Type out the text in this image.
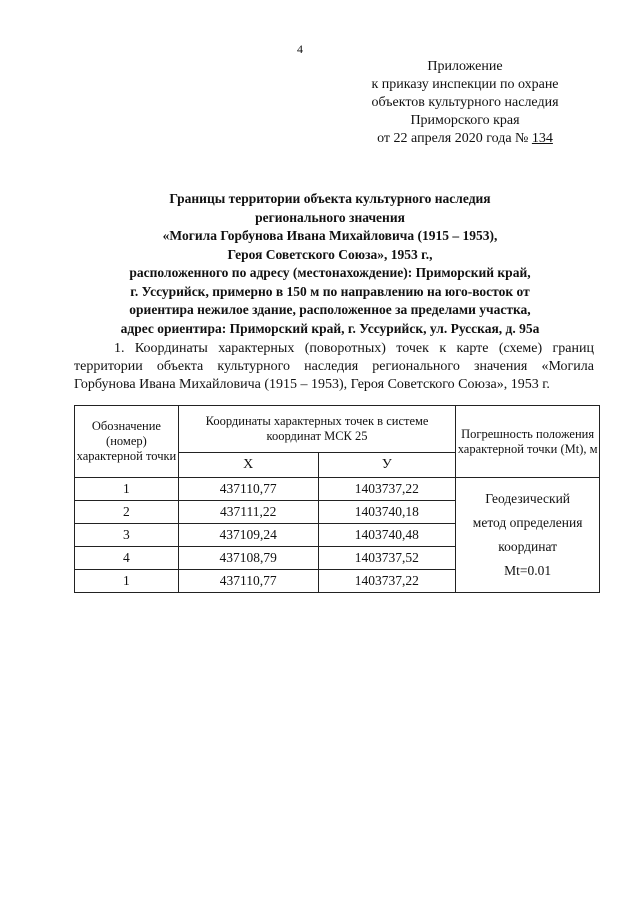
4
Приложение
к приказу инспекции по охране
объектов культурного наследия
Приморского края
от 22 апреля 2020 года № 134
Границы территории объекта культурного наследия
регионального значения
«Могила Горбунова Ивана Михайловича (1915 – 1953),
Героя Советского Союза», 1953 г.,
расположенного по адресу (местонахождение): Приморский край,
г. Уссурийск, примерно в 150 м по направлению на юго-восток от
ориентира нежилое здание, расположенное за пределами участка,
адрес ориентира: Приморский край, г. Уссурийск, ул. Русская, д. 95а
1. Координаты характерных (поворотных) точек к карте (схеме) границ территории объекта культурного наследия регионального значения «Могила Горбунова Ивана Михайловича (1915 – 1953), Героя Советского Союза», 1953 г.
Обозначение (номер) характерной точки	Координаты характерных точек в системе координат МСК 25		Погрешность положения характерной точки (Mt), м
	X	У	
1	437110,77	1403737,22	Геодезический
метод определения
координат
Mt=0.01

2	437111,22	1403740,18	
3	437109,24	1403740,48	
4	437108,79	1403737,52	
1	437110,77	1403737,22	
